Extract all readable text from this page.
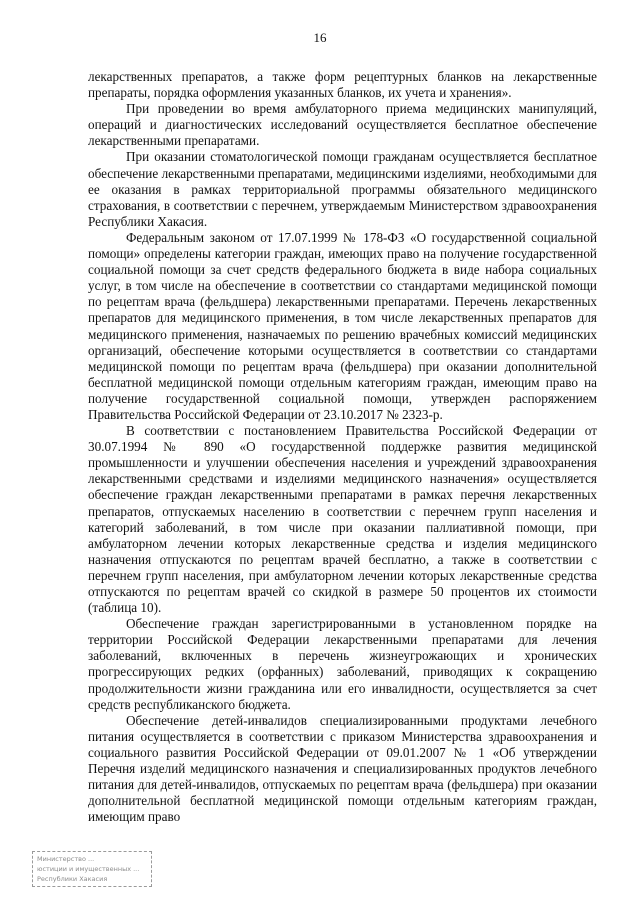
16

лекарственных препаратов, а также форм рецептурных бланков на лекарственные препараты, порядка оформления указанных бланков, их учета и хранения».

При проведении во время амбулаторного приема медицинских манипуляций, операций и диагностических исследований осуществляется бесплатное обеспечение лекарственными препаратами.

При оказании стоматологической помощи гражданам осуществляется бесплатное обеспечение лекарственными препаратами, медицинскими изделиями, необходимыми для ее оказания в рамках территориальной программы обязательного медицинского страхования, в соответствии с перечнем, утверждаемым Министерством здравоохранения Республики Хакасия.

Федеральным законом от 17.07.1999 № 178-ФЗ «О государственной социальной помощи» определены категории граждан, имеющих право на получение государственной социальной помощи за счет средств федерального бюджета в виде набора социальных услуг, в том числе на обеспечение в соответствии со стандартами медицинской помощи по рецептам врача (фельдшера) лекарственными препаратами. Перечень лекарственных препаратов для медицинского применения, в том числе лекарственных препаратов для медицинского применения, назначаемых по решению врачебных комиссий медицинских организаций, обеспечение которыми осуществляется в соответствии со стандартами медицинской помощи по рецептам врача (фельдшера) при оказании дополнительной бесплатной медицинской помощи отдельным категориям граждан, имеющим право на получение государственной социальной помощи, утвержден распоряжением Правительства Российской Федерации от 23.10.2017 № 2323-р.

В соответствии с постановлением Правительства Российской Федерации от 30.07.1994 № 890 «О государственной поддержке развития медицинской промышленности и улучшении обеспечения населения и учреждений здравоохранения лекарственными средствами и изделиями медицинского назначения» осуществляется обеспечение граждан лекарственными препаратами в рамках перечня лекарственных препаратов, отпускаемых населению в соответствии с перечнем групп населения и категорий заболеваний, в том числе при оказании паллиативной помощи, при амбулаторном лечении которых лекарственные средства и изделия медицинского назначения отпускаются по рецептам врачей бесплатно, а также в соответствии с перечнем групп населения, при амбулаторном лечении которых лекарственные средства отпускаются по рецептам врачей со скидкой в размере 50 процентов их стоимости (таблица 10).

Обеспечение граждан зарегистрированными в установленном порядке на территории Российской Федерации лекарственными препаратами для лечения заболеваний, включенных в перечень жизнеугрожающих и хронических прогрессирующих редких (орфанных) заболеваний, приводящих к сокращению продолжительности жизни гражданина или его инвалидности, осуществляется за счет средств республиканского бюджета.

Обеспечение детей-инвалидов специализированными продуктами лечебного питания осуществляется в соответствии с приказом Министерства здравоохранения и социального развития Российской Федерации от 09.01.2007 № 1 «Об утверждении Перечня изделий медицинского назначения и специализированных продуктов лечебного питания для детей-инвалидов, отпускаемых по рецептам врача (фельдшера) при оказании дополнительной бесплатной медицинской помощи отдельным категориям граждан, имеющим право

Министерство ...
юстиции и имущественных ...
Республики Хакасия
